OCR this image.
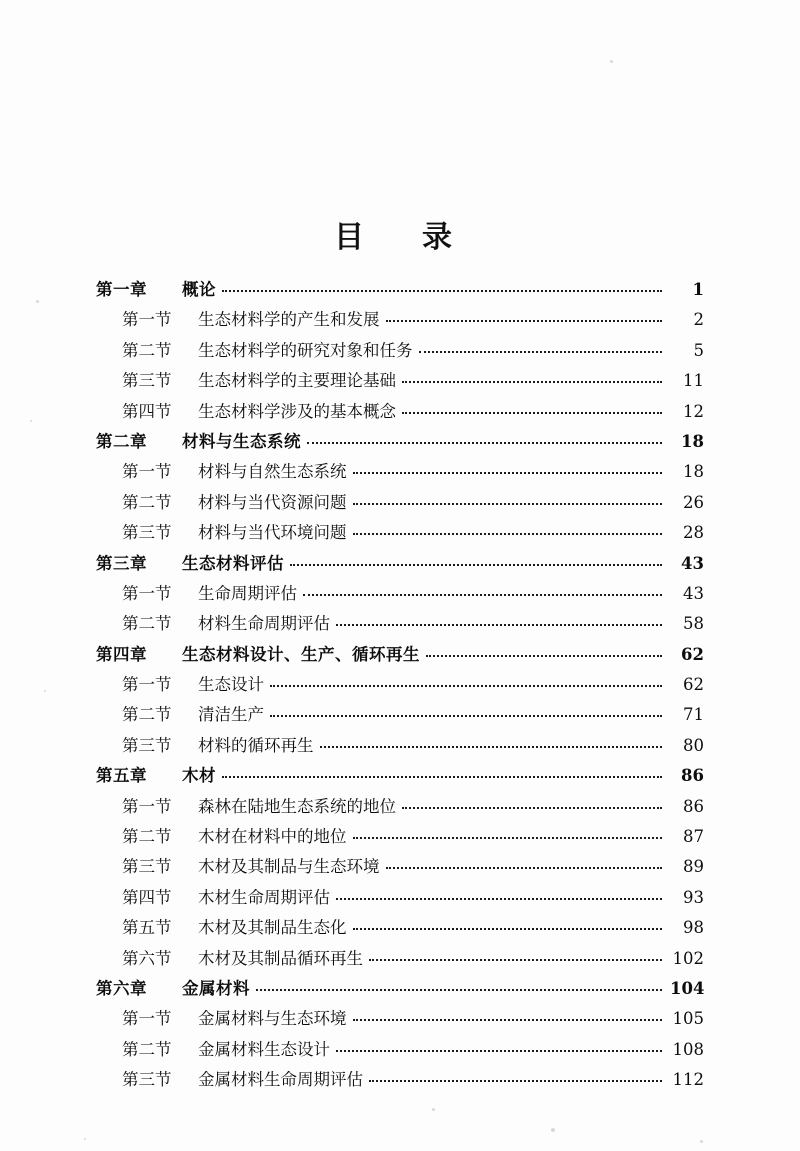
目　录
第一章	概论	1
第一节	生态材料学的产生和发展	2
第二节	生态材料学的研究对象和任务	5
第三节	生态材料学的主要理论基础	11
第四节	生态材料学涉及的基本概念	12
第二章	材料与生态系统	18
第一节	材料与自然生态系统	18
第二节	材料与当代资源问题	26
第三节	材料与当代环境问题	28
第三章	生态材料评估	43
第一节	生命周期评估	43
第二节	材料生命周期评估	58
第四章	生态材料设计、生产、循环再生	62
第一节	生态设计	62
第二节	清洁生产	71
第三节	材料的循环再生	80
第五章	木材	86
第一节	森林在陆地生态系统的地位	86
第二节	木材在材料中的地位	87
第三节	木材及其制品与生态环境	89
第四节	木材生命周期评估	93
第五节	木材及其制品生态化	98
第六节	木材及其制品循环再生	102
第六章	金属材料	104
第一节	金属材料与生态环境	105
第二节	金属材料生态设计	108
第三节	金属材料生命周期评估	112
